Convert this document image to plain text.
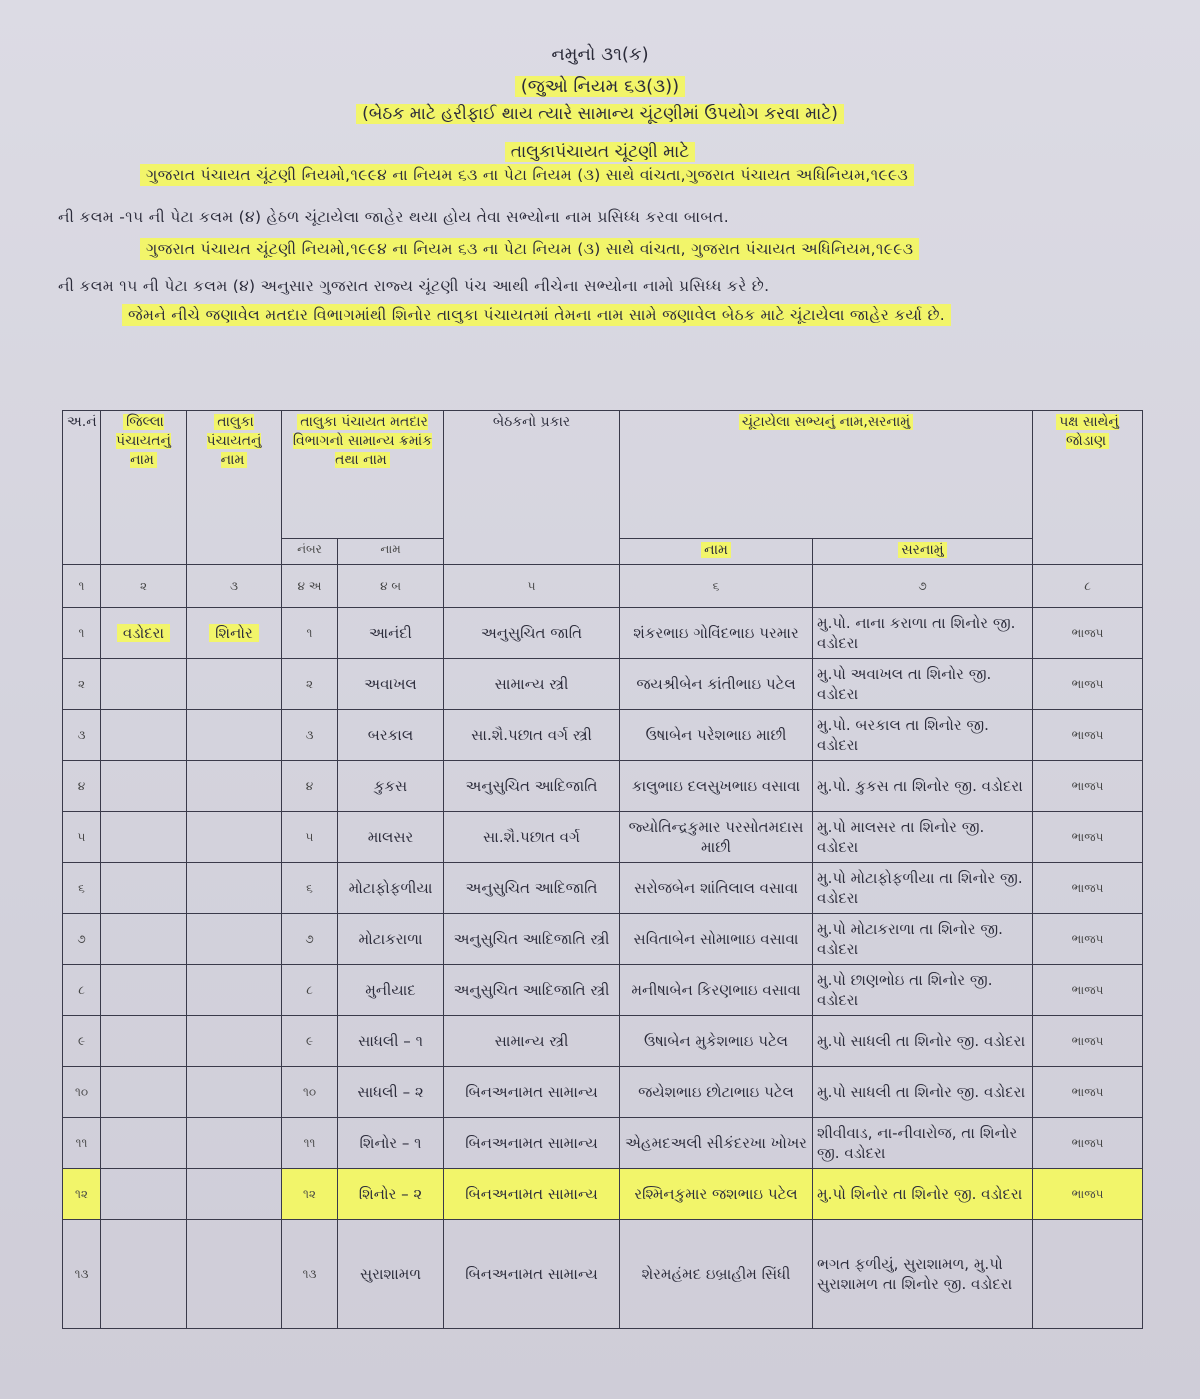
નમુનો ૩૧(ક)
(જુઓ નિયમ ૬૩(૩))
(બેઠક માટે હરીફાઈ થાય ત્યારે સામાન્ય ચૂંટણીમાં ઉપયોગ કરવા માટે)
તાલુકાપંચાયત ચૂંટણી માટે
ગુજરાત પંચાયત ચૂંટણી નિયમો,૧૯૯૪ ના નિયમ ૬૩ ના પેટા નિયમ (૩) સાથે વાંચતા,ગુજરાત પંચાયત અધિનિયમ,૧૯૯૩
ની કલમ -૧૫ ની પેટા કલમ (૪) હેઠળ ચૂંટાયેલા જાહેર થયા હોય તેવા સભ્યોના નામ પ્રસિધ્ધ કરવા બાબત.
ગુજરાત પંચાયત ચૂંટણી નિયમો,૧૯૯૪ ના નિયમ ૬૩ ના પેટા નિયમ (૩) સાથે વાંચતા, ગુજરાત પંચાયત અધિનિયમ,૧૯૯૩
ની કલમ ૧૫ ની પેટા કલમ (૪) અનુસાર ગુજરાત રાજ્ય ચૂંટણી પંચ આથી નીચેના સભ્યોના નામો પ્રસિધ્ધ કરે છે.
જેમને નીચે જણાવેલ મતદાર વિભાગમાંથી શિનોર તાલુકા પંચાયતમાં તેમના નામ સામે જણાવેલ બેઠક માટે ચૂંટાયેલા જાહેર કર્યા છે.
અ.નં	જિલ્લા પંચાયતનું નામ	તાલુકા પંચાયતનું નામ	તાલુકા પંચાયત મતદાર વિભાગનો સામાન્ય ક્રમાંક તથા નામ		બેઠકનો પ્રકાર	ચૂંટાયેલા સભ્યનું નામ,સરનામું		પક્ષ સાથેનું જોડાણ
			નંબર	નામ		નામ	સરનામું	
૧	૨	૩	૪ અ	૪ બ	૫	૬	૭	૮
૧	વડોદરા	શિનોર	૧	આનંદી	અનુસુચિત જાતિ	શંકરભાઇ ગોવિંદભાઇ પરમાર	મુ.પો. નાના કરાળા તા શિનોર જી. વડોદરા	ભાજપ
૨			૨	અવાખલ	સામાન્ય સ્ત્રી	જયશ્રીબેન કાંતીભાઇ પટેલ	મુ.પો અવાખલ તા શિનોર જી. વડોદરા	ભાજપ
૩			૩	બરકાલ	સા.શૈ.પછાત વર્ગ સ્ત્રી	ઉષાબેન પરેશભાઇ માછી	મુ.પો. બરકાલ તા શિનોર જી. વડોદરા	ભાજપ
૪			૪	કુકસ	અનુસુચિત આદિજાતિ	કાલુભાઇ દલસુખભાઇ વસાવા	મુ.પો. કુકસ તા શિનોર જી. વડોદરા	ભાજપ
૫			૫	માલસર	સા.શૈ.પછાત વર્ગ	જ્યોતિન્દ્રકુમાર પરસોતમદાસ માછી	મુ.પો માલસર તા શિનોર જી. વડોદરા	ભાજપ
૬			૬	મોટાફોફળીયા	અનુસુચિત આદિજાતિ	સરોજબેન શાંતિલાલ વસાવા	મુ.પો મોટાફોફળીયા તા શિનોર જી. વડોદરા	ભાજપ
૭			૭	મોટાકરાળા	અનુસુચિત આદિજાતિ સ્ત્રી	સવિતાબેન સોમાભાઇ વસાવા	મુ.પો મોટાકરાળા તા શિનોર જી. વડોદરા	ભાજપ
૮			૮	મુનીયાદ	અનુસુચિત આદિજાતિ સ્ત્રી	મનીષાબેન કિરણભાઇ વસાવા	મુ.પો છાણભોઇ તા શિનોર જી. વડોદરા	ભાજપ
૯			૯	સાધલી – ૧	સામાન્ય સ્ત્રી	ઉષાબેન મુકેશભાઇ પટેલ	મુ.પો સાધલી તા શિનોર જી. વડોદરા	ભાજપ
૧૦			૧૦	સાધલી – ૨	બિનઅનામત સામાન્ય	જયેશભાઇ છોટાભાઇ પટેલ	મુ.પો સાધલી તા શિનોર જી. વડોદરા	ભાજપ
૧૧			૧૧	શિનોર – ૧	બિનઅનામત સામાન્ય	એહમદઅલી સીકંદરખા ખોખર	શીવીવાડ, ના-નીવારોજ, તા શિનોર જી. વડોદરા	ભાજપ
૧૨			૧૨	શિનોર – ૨	બિનઅનામત સામાન્ય	રશ્મિનકુમાર જશભાઇ પટેલ	મુ.પો શિનોર તા શિનોર જી. વડોદરા	ભાજપ
૧૩			૧૩	સુરાશામળ	બિનઅનામત સામાન્ય	શેરમહંમદ ઇબ્રાહીમ સિંધી	ભગત ફળીયું, સુરાશામળ, મુ.પો સુરાશામળ તા શિનોર જી. વડોદરા	
